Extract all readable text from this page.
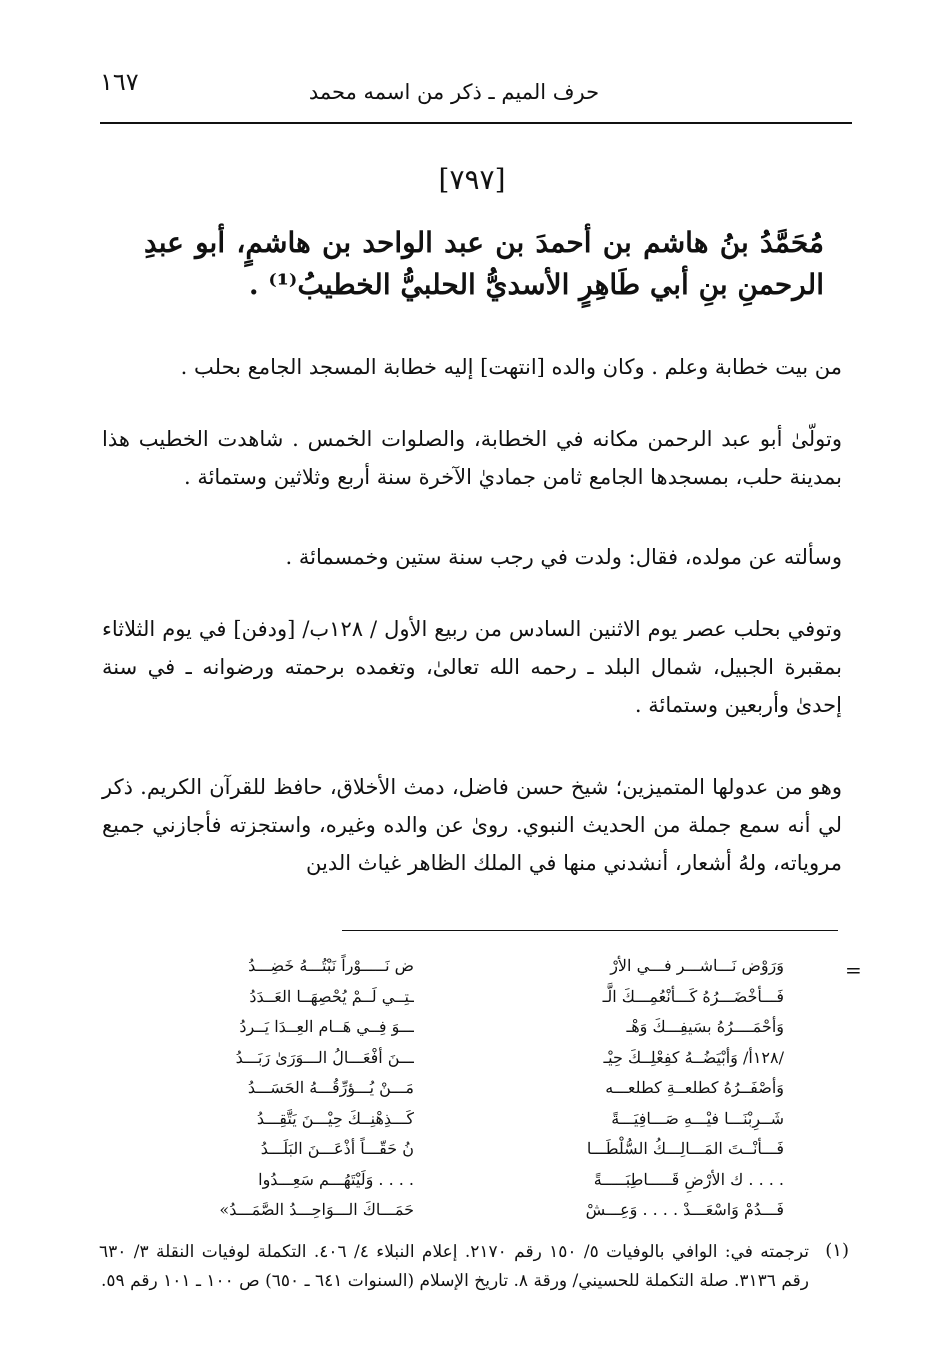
حرف الميم ـ ذكر من اسمه محمد
١٦٧
[٧٩٧]
مُحَمَّدُ بنُ هاشم بن أحمدَ بن عبد الواحد بن هاشمٍ، أبو عبدِ الرحمنِ بنِ أبي طَاهِرٍ الأسديُّ الحلبيُّ الخطيبُ⁽¹⁾ .
من بيت خطابة وعلم . وكان والده [انتهت] إليه خطابة المسجد الجامع بحلب .
وتولّىٰ أبو عبد الرحمن مكانه في الخطابة، والصلوات الخمس . شاهدت الخطيب هذا بمدينة حلب، بمسجدها الجامع ثامن جماديٰ الآخرة سنة أربع وثلاثين وستمائة .
وسألته عن مولده، فقال: ولدت في رجب سنة ستين وخمسمائة .
وتوفي بحلب عصر يوم الاثنين السادس من ربيع الأول / ١٢٨ب/ [ودفن] في يوم الثلاثاء بمقبرة الجبيل، شمال البلد ـ رحمه الله تعالىٰ، وتغمده برحمته ورضوانه ـ في سنة إحدىٰ وأربعين وستمائة .
وهو من عدولها المتميزين؛ شيخ حسن فاضل، دمث الأخلاق، حافظ للقرآن الكريم. ذكر لي أنه سمع جملة من الحديث النبوي. روىٰ عن والده وغيره، واستجزته فأجازني جميع مروياته، ولهُ أشعار، أنشدني منها في الملك الظاهر غياث الدين
=
وَرَوْض نَـــاشـــر فـــي الأرْ
ض نَـــــوْراً نَبْتُـــهُ خَضِـــدُ
فَـــأخْضَـــرُهُ كَـــأنْعُمِـــكَ الَّـ
ـتِــي لَــمْ يُحْصِهَــا العَــدَدُ
وَأحْمَــــرُهُ بسَيفِـــكَ وَهْـ
ـــوَ فِــي هَــام العِــدَا يَــردُ
/١٢٨أ/ وَأبْيَضُــهُ كفِعْلِــكَ حِيْـ
ـــنَ أفْعَـــالُ الـــوَرَىٰ رَبَـــدُ
وَأصْفَــرُهُ كطلعــةِ كطلعـــه
مَـــنْ يُـــؤرِّقُـــهُ الحَسَـــدُ
شَــرِبْنَـــا فيْـــهِ صَـــافِيَـــةً
كَـــذِهْنِــكَ حِيْـــنَ يَتَّقِـــدُ
فَـــأنْــتَ المَـــالِـــكُ السُّلْطَـــا
نُ حَقّـــاً أذْعَـــنَ البَلَـــدُ
. . . . ك الأرْضِ قَـــــاطِبَـــــةً
. . . . وَلَيْتَهُـــم سَعِـــدُوا
فَـــدُمْ وَاسْعَـــدْ . . . . وَعِـــشْ
حَمَـــاكَ الـــوَاحِـــدُ الصَّمَـــدُ»
(١)
ترجمته في: الوافي بالوفيات ٥/ ١٥٠ رقم ٢١٧٠. إعلام النبلاء ٤/ ٤٠٦. التكملة لوفيات النقلة ٣/ ٦٣٠ رقم ٣١٣٦. صلة التكملة للحسيني/ ورقة ٨. تاريخ الإسلام (السنوات ٦٤١ ـ ٦٥٠) ص ١٠٠ ـ ١٠١ رقم ٥٩.
